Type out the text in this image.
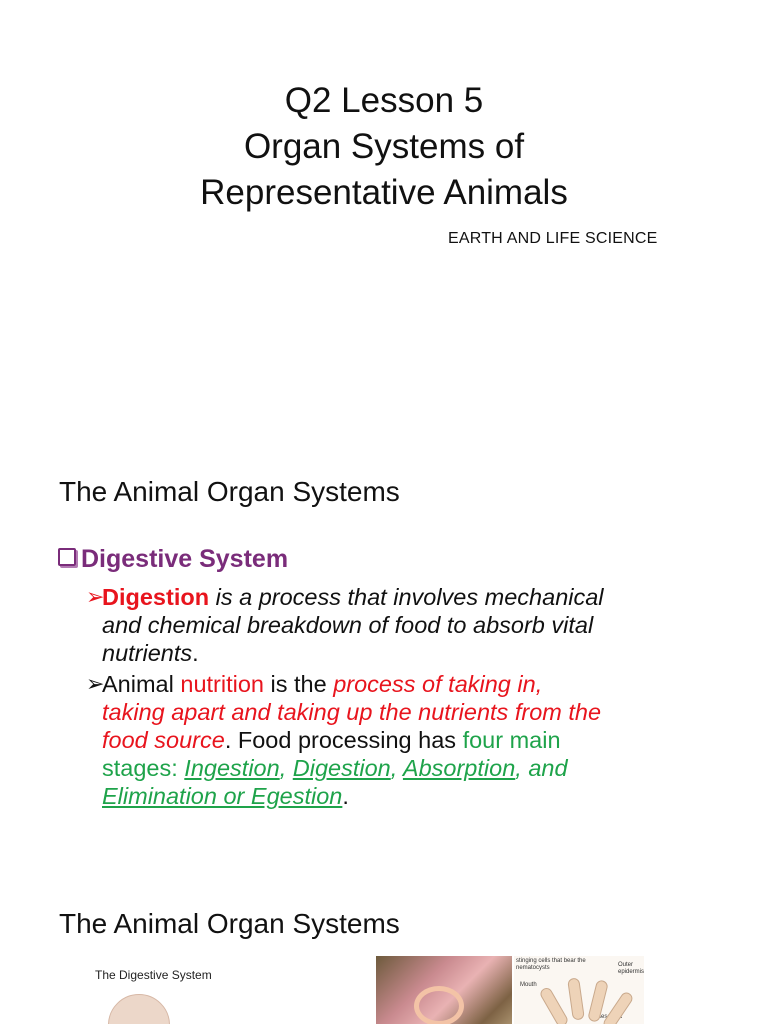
Q2 Lesson 5
Organ Systems of
Representative Animals
EARTH AND LIFE SCIENCE
The Animal Organ Systems
Digestive System
➢
Digestion is a process that involves mechanical
and chemical breakdown of food to absorb vital
nutrients.
➢
Animal nutrition is the process of taking in,
taking apart and taking up the nutrients from the
food source. Food processing has four main
stages: Ingestion, Digestion, Absorption, and
Elimination or Egestion.
The Animal Organ Systems
The Digestive System
stinging cells that bear the nematocysts	Outer epidermis
Mouth
